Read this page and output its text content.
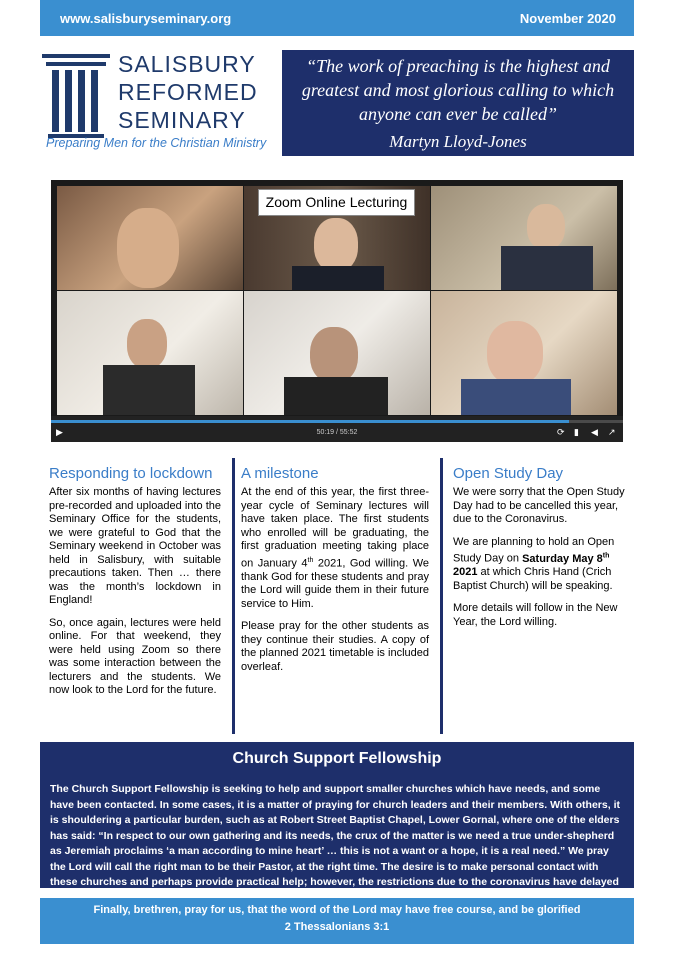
www.salisburyseminary.org	November 2020
SALISBURY
REFORMED
SEMINARY
Preparing Men for the Christian Ministry
“The work of preaching is the highest and greatest and most glorious calling to which anyone can ever be called”
Martyn Lloyd-Jones
Zoom Online Lecturing
▶	50:19 / 55:52	⟳ ▮ ◀ ↗
Responding to lockdown

After six months of having lectures pre-recorded and uploaded into the Seminary Office for the students, we were grateful to God that the Seminary weekend in October was held in Salisbury, with suitable precautions taken. Then … there was the month’s lockdown in England!

So, once again, lectures were held online. For that weekend, they were held using Zoom so there was some interaction between the lecturers and the students. We now look to the Lord for the future.

A milestone

At the end of this year, the first three-year cycle of Seminary lectures will have taken place. The first students who enrolled will be graduating, the first graduation meeting taking place on January 4th 2021, God willing. We thank God for these students and pray the Lord will guide them in their future service to Him.

Please pray for the other students as they continue their studies. A copy of the planned 2021 timetable is included overleaf.

Open Study Day

We were sorry that the Open Study Day had to be cancelled this year, due to the Coronavirus.

We are planning to hold an Open Study Day on Saturday May 8th 2021 at which Chris Hand (Crich Baptist Church) will be speaking.

More details will follow in the New Year, the Lord willing.

Church Support Fellowship
The Church Support Fellowship is seeking to help and support smaller churches which have needs, and some have been contacted. In some cases, it is a matter of praying for church leaders and their members. With others, it is shouldering a particular burden, such as at Robert Street Baptist Chapel, Lower Gornal, where one of the elders has said: “In respect to our own gathering and its needs, the crux of the matter is we need a true under-shepherd as Jeremiah proclaims ‘a man according to mine heart’ … this is not a want or a hope, it is a real need.” We pray the Lord will call the right man to be their Pastor, at the right time. The desire is to make personal contact with these churches and perhaps provide practical help; however, the restrictions due to the coronavirus have delayed
Finally, brethren, pray for us, that the word of the Lord may have free course, and be glorified
2 Thessalonians 3:1
